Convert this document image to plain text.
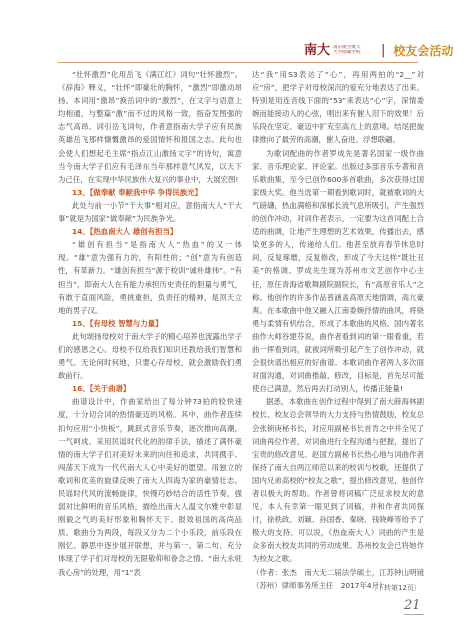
南大 南京航空航天
大学附属学校	| 校友会活动

“壮怀激烈”化用岳飞《满江红》词句“壮怀激烈”。《辞海》释义，“壮怀”即豪壮的胸怀，“激烈”即激动昂扬。本词用“激昂”换岳词中的“激烈”，在文字与语意上均相通，与整篇“激”而不过的风格一致，指奋发图强的志气高昂。词引岳飞词句，作者意指南大学子应有民族英雄岳飞那样慷慨激昂的爱国情怀和报国之志。此句也会使人们想起毛主席“指点江山激扬文字”的诗句，寓意当今南大学子们应有毛泽东当年那样意气风发，以天下为己任，在实现中华民族伟大复兴的事业中，大展宏图!

13、【做奉献 奉献我中华 争得民族光】

此处与前一小节“干大事”相对应，意指南大人“干大事”就是为国家“做奉献”为民族争光。

14、【热血南大人 雄创有担当】

“雄创有担当”是指南大人“热血”的又一体现。“雄”意为强有力的，有阳性的；“创”意为有创造性，有革新力。“雄创有担当”源于校训“诚朴雄伟”。“有担当”，即南大人在有能力承担历史责任的胆量与勇气，有敢于直面风险，勇挑重担，负责任的精神，是顶天立地的男子汉。

15、【有母校 智慧与力量】

此句颂扬母校对于南大学子的精心培养也流露出学子们的感恩之心。母校不仅给我们知识还教给我们智慧和勇气。无论何时何地，只要心存母校，就会激励我们勇敢前行。

16、【关于曲谱】

曲谱设计中，作曲家给出了每分钟73拍的较快速度，十分切合词的热情豪迈的风格。其中，曲作者连续扣句应用“小快板”，跳跃式音乐节奏，逐次推向高潮，一气呵成。采用民谣时代化的韵律手法，描述了满怀豪情的南大学子们对美好未来的向往和追求，共同携手、闯荡天下成为一代代南大人心中美好的愿望。用独立的歌词和优美的旋律反映了南大人四海为家的豪情壮志。民谣时代风的流畅旋律，快慢巧妙结合的活性节奏，强弱对比鲜明的音乐风格，描绘出南大人温文尔雅中彰显刚毅之气的美好形象和胸怀天下、报效祖国的高尚品质。歌曲分为两段，每段又分为二个小乐段，前乐段在刚忆、静思中逐步展开联想，并与第一、第二句、充分体现了学子们对母校的无限敬仰和眷念之情。“南大永驻我心房”的处理，用“1”表

达“我”用S3表达了“心”，再用两拍的“2__”对应“房”，把学子对母校深沉的爱充分地表达了出来。特别是用连音线下面的“53”来表达“心”字，深情委婉而能接动人的心弦，唱出来有催人泪下的效果！后乐段在坚定、豪迈中扩充至高亢上的意境。结尾把旋律推向了最劳的高潮，催人奋进、浮想联翩。

为歌词配曲的作者罗成先是著名国家一级作曲家、音乐理论家、评论家。出版过多部音乐专著和音乐歌曲集，至今已创作600多首歌曲，多次获得过国家级大奖。他当选第一期看到歌词时，就被歌词的大气磅礴，热血满格和深郁长流气息所吸引，产生强烈的创作冲动，对词作者表示，一定要为这首词配上合适的曲调，让地产生理想的艺术效果，传播出去，感染更多的人，传递给人们。他甚至放弃春节休息时间，反复琢磨，反复修改，形成了今天这样“既壮丑美”的格调。罗成先生现为苏州市文艺创作中心主任，原任青海省歌舞剧院副院长，有“高原音乐人”之称。他创作的许多作品曾涵盖高原天地情调，高亢豪爽。在本歌曲中他又融入江南委婉抒情的曲风，将骁勇与柔情有机结合，形成了本歌曲的风格。国内著名曲作大师谷建芬说，曲作者看到词的第一眼看重，若曲一挥看到词，就被词所吸引起产生了创作冲动，就会很快谱出相应的好曲谱。本歌词曲作者两人多次面对面沟通，对词曲推敲、修改，目标是，首先尽可能使自己满意，然后再去打动别人，传播正能量!

据悉，本歌曲在创作过程中得到了南大薛海林副校长、校友总会领导的大力支持与热情鼓励，校友总会张锁庚秘书长，对应用副秘书长首肯之中并全见了词曲再位作者，对词曲进行全程沟通与把握，提出了宝贵的修改意见。赵国方副秘书长热心地与词曲作者保持了南大自两江师范以来的校训与校歌，还提供了国内兄弟高校的“校友之歌”，提出修改意见，他创作者以极大的帮助。作者曾将词稿广泛征求校友的意见，本人有幸第一眼见到了词稿，并和作者共同探讨，徐秩政、刘颖、孙国香、秦晓、钱晓峰等给予了极大的支持。可以说，《热血南大人》词曲的产生是众多南大校友共同的劳动成果。苏州校友会已将她作为校友之歌。

（作者：张杰　南大无二届法学硕士，江苏钟山明镜（苏州）律师事务所主任　2017年4月）

〔下转第12页〕
21
